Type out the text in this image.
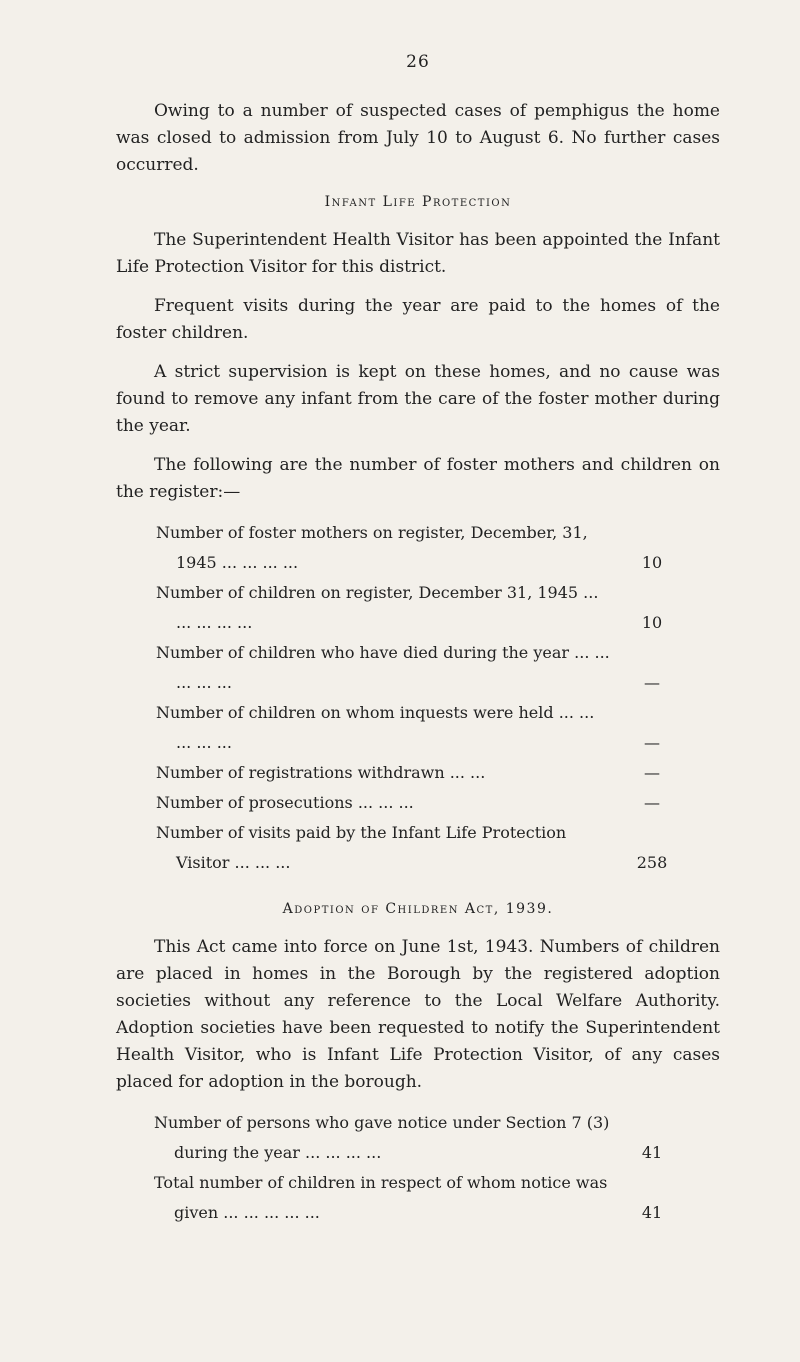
26

Owing to a number of suspected cases of pemphigus the home was closed to admission from July 10 to August 6. No further cases occurred.

Infant Life Protection

The Superintendent Health Visitor has been appointed the Infant Life Protection Visitor for this district.

Frequent visits during the year are paid to the homes of the foster children.

A strict supervision is kept on these homes, and no cause was found to remove any infant from the care of the foster mother during the year.

The following are the number of foster mothers and children on the register:—

Number of foster mothers on register, December, 31, 1945 ... ... ... ...	10
Number of children on register, December 31, 1945 ... ... ... ... ...	10
Number of children who have died during the year ... ... ... ... ...	—
Number of children on whom inquests were held ... ... ... ... ...	—
Number of registrations withdrawn ... ...	—
Number of prosecutions ... ... ...	—
Number of visits paid by the Infant Life Protection Visitor ... ... ...	258
Adoption of Children Act, 1939.

This Act came into force on June 1st, 1943. Numbers of children are placed in homes in the Borough by the registered adoption societies without any reference to the Local Welfare Authority. Adoption societies have been requested to notify the Superintendent Health Visitor, who is Infant Life Protection Visitor, of any cases placed for adoption in the borough.

Number of persons who gave notice under Section 7 (3) during the year ... ... ... ...	41
Total number of children in respect of whom notice was given ... ... ... ... ...	41
